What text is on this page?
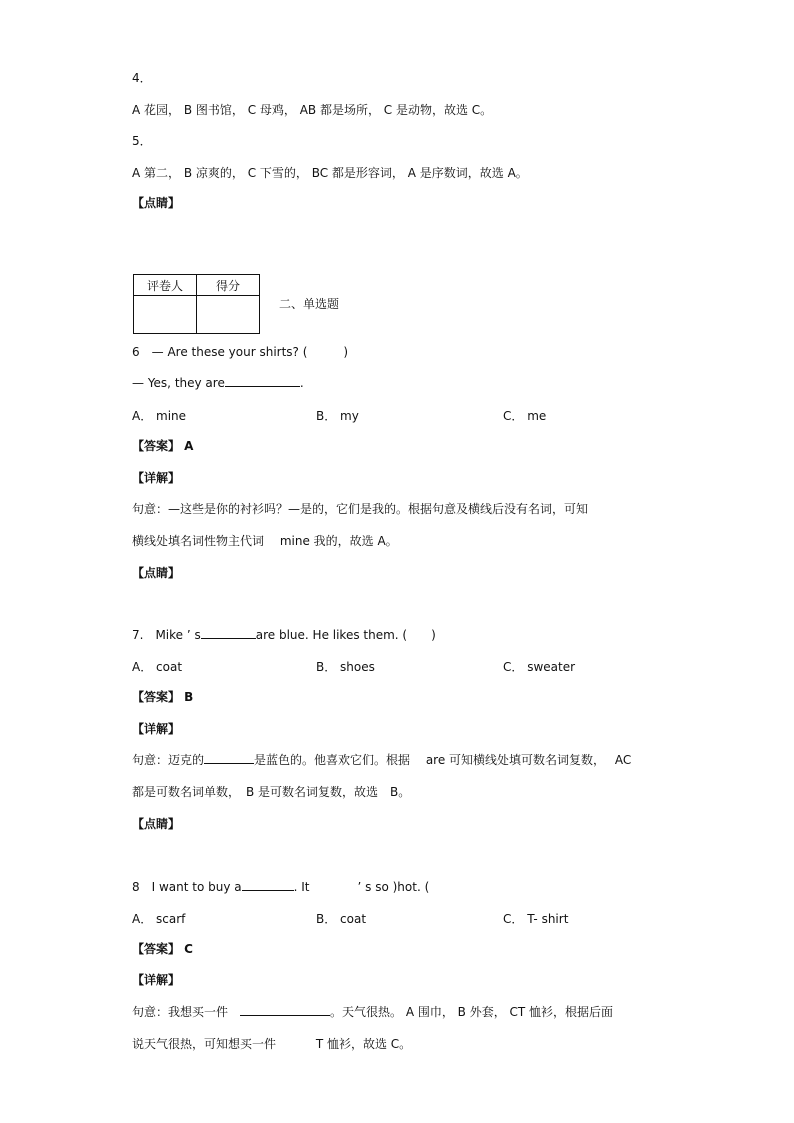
4．
A 花园， B 图书馆， C 母鸡， AB 都是场所， C 是动物，故选 C。
5．
A 第二， B 凉爽的， C 下雪的， BC 都是形容词， A 是序数词，故选 A。
【点睛】
评卷人	得分

二、单选题
6　— Are these your shirts? (　　　)
— Yes, they are	.
A． mine	B． my	C． me
【答案】 A
【详解】
句意：—这些是你的衬衫吗？—是的，它们是我的。根据句意及横线后没有名词，可知
横线处填名词性物主代词　 mine 我的，故选 A。
【点睛】
7.　Mike ’ s	are blue. He likes them. (　　)
A． coat	B． shoes	C． sweater
【答案】 B
【详解】
句意：迈克的	是蓝色的。他喜欢它们。根据　 are 可知横线处填可数名词复数，　 AC
都是可数名词单数，　B 是可数名词复数，故选　B。
【点睛】
8　I want to buy a	. It　　　　’ s so )hot. (
A． scarf	B． coat	C． T- shirt
【答案】 C
【详解】
句意：我想买一件　	。天气很热。 A 围巾， B 外套， CT 恤衫，根据后面
说天气很热，可知想买一件　　　 T 恤衫，故选 C。
